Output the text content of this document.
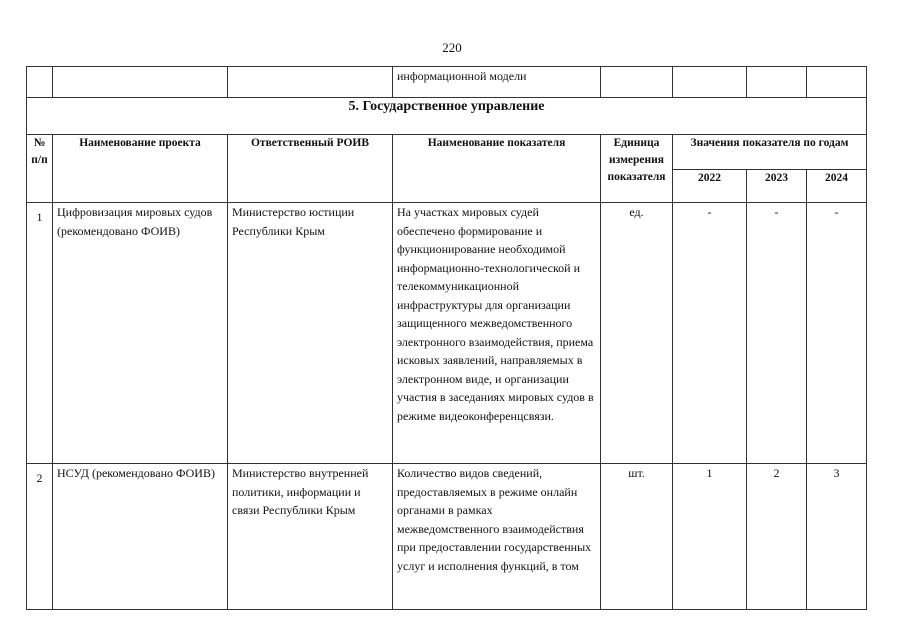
220
			информационной модели				
5. Государственное управление							
№ п/п	Наименование проекта	Ответственный РОИВ	Наименование показателя	Единица измерения показателя	Значения показателя по годам		
					2022	2023	2024
1	Цифровизация мировых судов (рекомендовано ФОИВ)	Министерство юстиции Республики Крым	На участках мировых судей обеспечено формирование и функционирование необходимой информационно-технологической и телекоммуникационной инфраструктуры для организации защищенного межведомственного электронного взаимодействия, приема исковых заявлений, направляемых в электронном виде, и организации участия в заседаниях мировых судов в режиме видеоконференцсвязи.	ед.	-	-	-
2	НСУД (рекомендовано ФОИВ)	Министерство внутренней политики, информации и связи Республики Крым	Количество видов сведений, предоставляемых в режиме онлайн органами в рамках межведомственного взаимодействия при предоставлении государственных услуг и исполнения функций, в том	шт.	1	2	3
